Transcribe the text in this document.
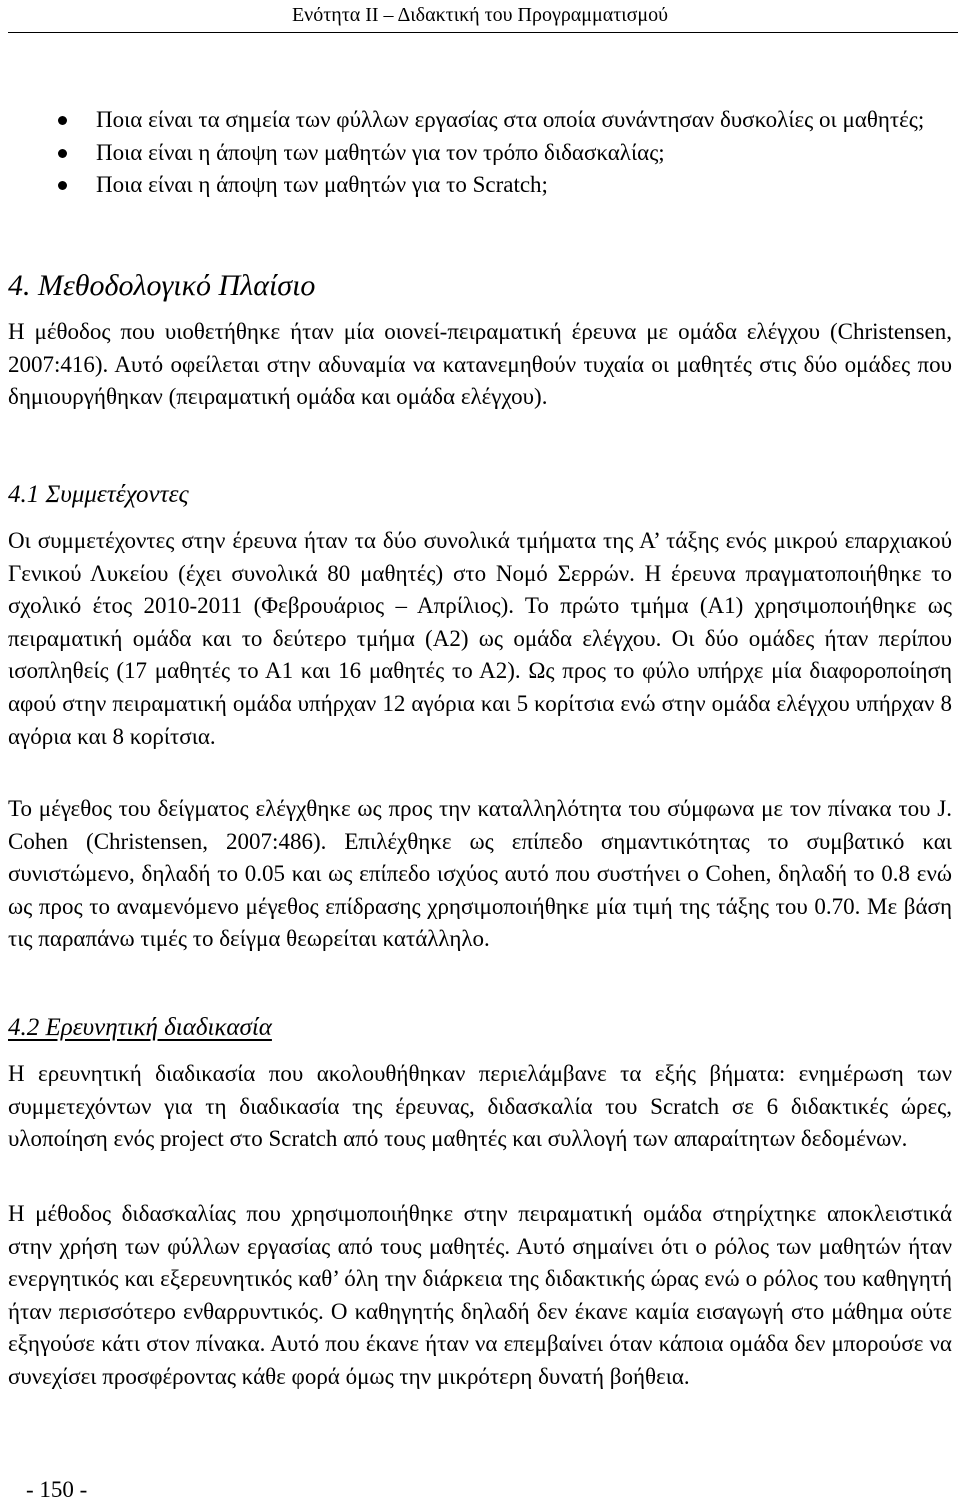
Ενότητα ΙΙ – Διδακτική του Προγραμματισμού
Ποια είναι τα σημεία των φύλλων εργασίας στα οποία συνάντησαν δυσκολίες οι μαθητές;
Ποια είναι η άποψη των μαθητών για τον τρόπο διδασκαλίας;
Ποια είναι η άποψη των μαθητών για το Scratch;
4. Μεθοδολογικό Πλαίσιο

Η μέθοδος που υιοθετήθηκε ήταν μία οιονεί-πειραματική έρευνα με ομάδα ελέγχου (Christensen, 2007:416). Αυτό οφείλεται στην αδυναμία να κατανεμηθούν τυχαία οι μαθητές στις δύο ομάδες που δημιουργήθηκαν (πειραματική ομάδα και ομάδα ελέγχου).

4.1 Συμμετέχοντες

Οι συμμετέχοντες στην έρευνα ήταν τα δύο συνολικά τμήματα της Α’ τάξης ενός μικρού επαρχιακού Γενικού Λυκείου (έχει συνολικά 80 μαθητές) στο Νομό Σερρών. Η έρευνα πραγματοποιήθηκε το σχολικό έτος 2010-2011 (Φεβρουάριος – Απρίλιος). Το πρώτο τμήμα (Α1) χρησιμοποιήθηκε ως πειραματική ομάδα και το δεύτερο τμήμα (Α2) ως ομάδα ελέγχου. Οι δύο ομάδες ήταν περίπου ισοπληθείς (17 μαθητές το Α1 και 16 μαθητές το Α2). Ως προς το φύλο υπήρχε μία διαφοροποίηση αφού στην πειραματική ομάδα υπήρχαν 12 αγόρια και 5 κορίτσια ενώ στην ομάδα ελέγχου υπήρχαν 8 αγόρια και 8 κορίτσια.

Το μέγεθος του δείγματος ελέγχθηκε ως προς την καταλληλότητα του σύμφωνα με τον πίνακα του J. Cohen (Christensen, 2007:486). Επιλέχθηκε ως επίπεδο σημαντικότητας το συμβατικό και συνιστώμενο, δηλαδή το 0.05 και ως επίπεδο ισχύος αυτό που συστήνει ο Cohen, δηλαδή το 0.8 ενώ ως προς το αναμενόμενο μέγεθος επίδρασης χρησιμοποιήθηκε μία τιμή της τάξης του 0.70. Με βάση τις παραπάνω τιμές το δείγμα θεωρείται κατάλληλο.

4.2 Ερευνητική διαδικασία

Η ερευνητική διαδικασία που ακολουθήθηκαν περιελάμβανε τα εξής βήματα: ενημέρωση των συμμετεχόντων για τη διαδικασία της έρευνας, διδασκαλία του Scratch σε 6 διδακτικές ώρες, υλοποίηση ενός project στο Scratch από τους μαθητές και συλλογή των απαραίτητων δεδομένων.

Η μέθοδος διδασκαλίας που χρησιμοποιήθηκε στην πειραματική ομάδα στηρίχτηκε αποκλειστικά στην χρήση των φύλλων εργασίας από τους μαθητές. Αυτό σημαίνει ότι ο ρόλος των μαθητών ήταν ενεργητικός και εξερευνητικός καθ’ όλη την διάρκεια της διδακτικής ώρας ενώ ο ρόλος του καθηγητή ήταν περισσότερο ενθαρρυντικός. Ο καθηγητής δηλαδή δεν έκανε καμία εισαγωγή στο μάθημα ούτε εξηγούσε κάτι στον πίνακα. Αυτό που έκανε ήταν να επεμβαίνει όταν κάποια ομάδα δεν μπορούσε να συνεχίσει προσφέροντας κάθε φορά όμως την μικρότερη δυνατή βοήθεια.

- 150 -
